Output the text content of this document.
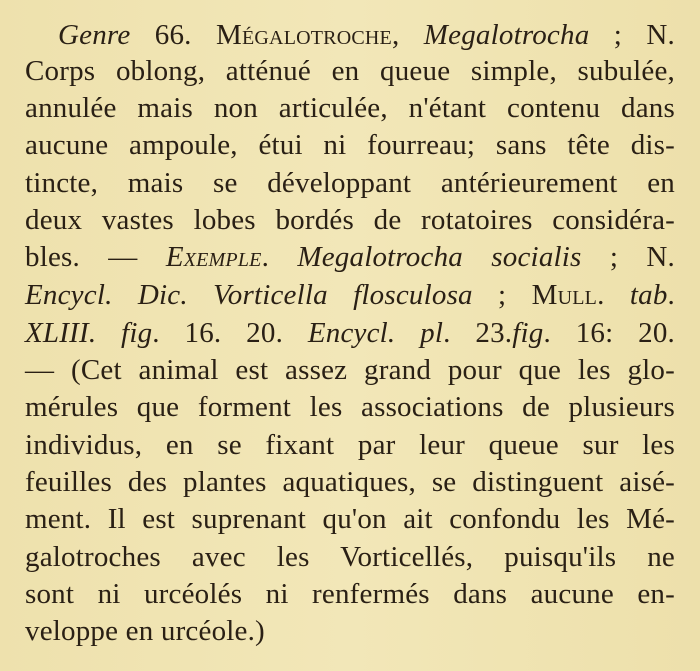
Genre 66. Mégalotroche, Megalotrocha ; N.
Corps oblong, atténué en queue simple, subulée,
annulée mais non articulée, n'étant contenu dans
aucune ampoule, étui ni fourreau; sans tête dis-
tincte, mais se développant antérieurement en
deux vastes lobes bordés de rotatoires considéra-
bles. — Exemple. Megalotrocha socialis ; N.
Encycl. Dic. Vorticella flosculosa ; Mull. tab.
XLIII. fig. 16. 20. Encycl. pl. 23.fig. 16: 20.
— (Cet animal est assez grand pour que les glo-
mérules que forment les associations de plusieurs
individus, en se fixant par leur queue sur les
feuilles des plantes aquatiques, se distinguent aisé-
ment. Il est suprenant qu'on ait confondu les Mé-
galotroches avec les Vorticellés, puisqu'ils ne
sont ni urcéolés ni renfermés dans aucune en-
veloppe en urcéole.)
